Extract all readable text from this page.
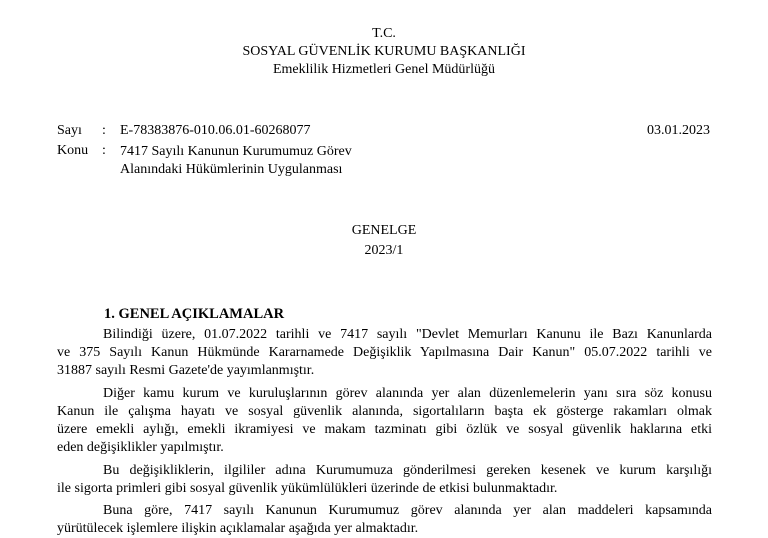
T.C.
SOSYAL GÜVENLİK KURUMU BAŞKANLIĞI
Emeklilik Hizmetleri Genel Müdürlüğü
Sayı : E-78383876-010.06.01-60268077	03.01.2023
Konu : 7417 Sayılı Kanunun Kurumumuz Görev
Alanındaki Hükümlerinin Uygulanması
GENELGE
2023/1
1. GENEL AÇIKLAMALAR
Bilindiği üzere, 01.07.2022 tarihli ve 7417 sayılı "Devlet Memurları Kanunu ile Bazı Kanunlarda
ve 375 Sayılı Kanun Hükmünde Kararnamede Değişiklik Yapılmasına Dair Kanun" 05.07.2022 tarihli ve
31887 sayılı Resmi Gazete'de yayımlanmıştır.
Diğer kamu kurum ve kuruluşlarının görev alanında yer alan düzenlemelerin yanı sıra söz konusu
Kanun ile çalışma hayatı ve sosyal güvenlik alanında, sigortalıların başta ek gösterge rakamları olmak
üzere emekli aylığı, emekli ikramiyesi ve makam tazminatı gibi özlük ve sosyal güvenlik haklarına etki
eden değişiklikler yapılmıştır.
Bu değişikliklerin, ilgililer adına Kurumumuza gönderilmesi gereken kesenek ve kurum karşılığı
ile sigorta primleri gibi sosyal güvenlik yükümlülükleri üzerinde de etkisi bulunmaktadır.
Buna göre, 7417 sayılı Kanunun Kurumumuz görev alanında yer alan maddeleri kapsamında
yürütülecek işlemlere ilişkin açıklamalar aşağıda yer almaktadır.
